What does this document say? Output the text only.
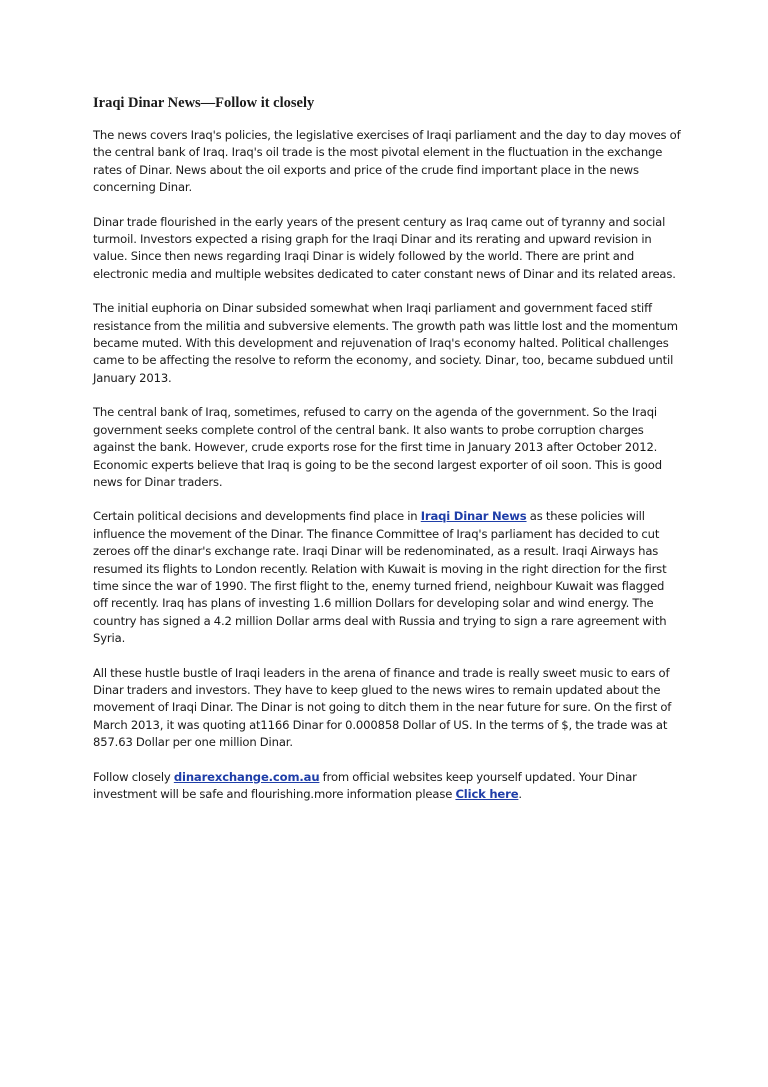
Iraqi Dinar News—Follow it closely

The news covers Iraq's policies, the legislative exercises of Iraqi parliament and the day to day moves of the central bank of Iraq. Iraq's oil trade is the most pivotal element in the fluctuation in the exchange rates of Dinar. News about the oil exports and price of the crude find important place in the news concerning Dinar.

Dinar trade flourished in the early years of the present century as Iraq came out of tyranny and social turmoil. Investors expected a rising graph for the Iraqi Dinar and its rerating and upward revision in value. Since then news regarding Iraqi Dinar is widely followed by the world. There are print and electronic media and multiple websites dedicated to cater constant news of Dinar and its related areas.

The initial euphoria on Dinar subsided somewhat when Iraqi parliament and government faced stiff resistance from the militia and subversive elements. The growth path was little lost and the momentum became muted. With this development and rejuvenation of Iraq's economy halted. Political challenges came to be affecting the resolve to reform the economy, and society. Dinar, too, became subdued until January 2013.

The central bank of Iraq, sometimes, refused to carry on the agenda of the government. So the Iraqi government seeks complete control of the central bank. It also wants to probe corruption charges against the bank. However, crude exports rose for the first time in January 2013 after October 2012. Economic experts believe that Iraq is going to be the second largest exporter of oil soon. This is good news for Dinar traders.

Certain political decisions and developments find place in Iraqi Dinar News as these policies will influence the movement of the Dinar. The finance Committee of Iraq's parliament has decided to cut zeroes off the dinar's exchange rate. Iraqi Dinar will be redenominated, as a result. Iraqi Airways has resumed its flights to London recently. Relation with Kuwait is moving in the right direction for the first time since the war of 1990. The first flight to the, enemy turned friend, neighbour Kuwait was flagged off recently. Iraq has plans of investing 1.6 million Dollars for developing solar and wind energy. The country has signed a 4.2 million Dollar arms deal with Russia and trying to sign a rare agreement with Syria.

All these hustle bustle of Iraqi leaders in the arena of finance and trade is really sweet music to ears of Dinar traders and investors. They have to keep glued to the news wires to remain updated about the movement of Iraqi Dinar. The Dinar is not going to ditch them in the near future for sure. On the first of March 2013, it was quoting at1166 Dinar for 0.000858 Dollar of US. In the terms of $, the trade was at 857.63 Dollar per one million Dinar.

Follow closely dinarexchange.com.au from official websites keep yourself updated. Your Dinar investment will be safe and flourishing.more information please Click here.
